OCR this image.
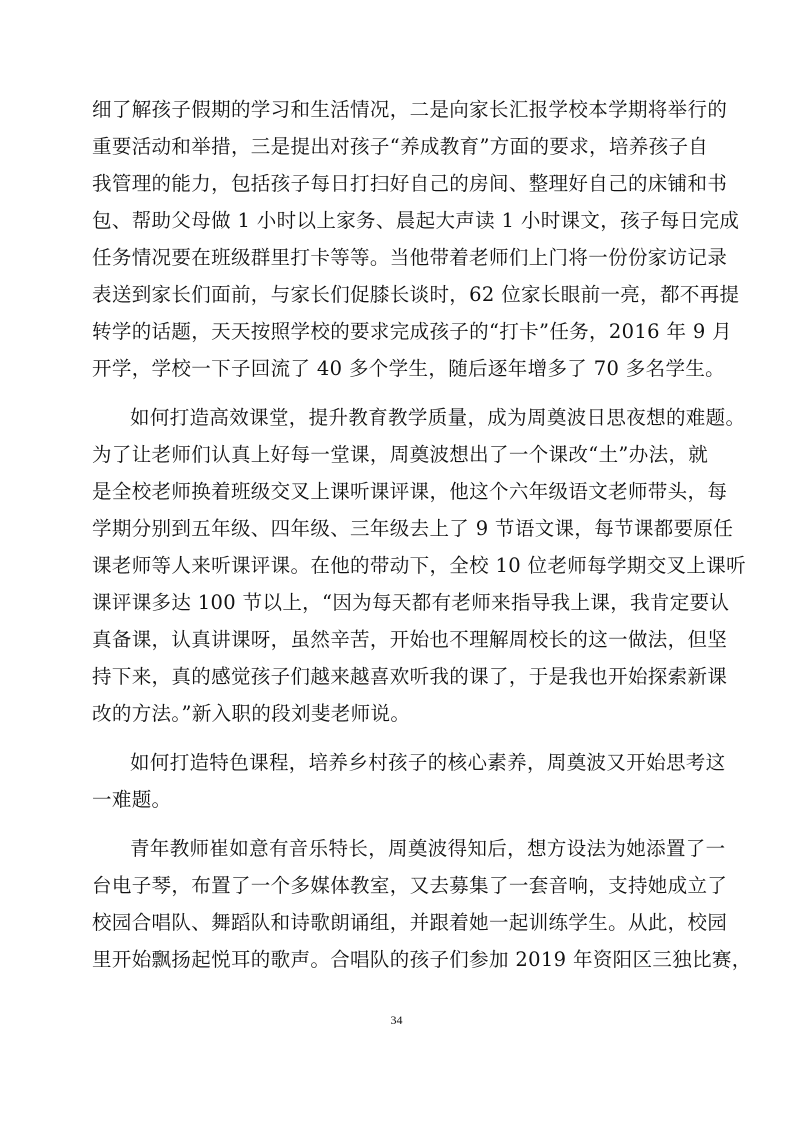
细了解孩子假期的学习和生活情况，二是向家长汇报学校本学期将举行的
重要活动和举措，三是提出对孩子“养成教育”方面的要求，培养孩子自
我管理的能力，包括孩子每日打扫好自己的房间、整理好自己的床铺和书
包、帮助父母做 1 小时以上家务、晨起大声读 1 小时课文，孩子每日完成
任务情况要在班级群里打卡等等。当他带着老师们上门将一份份家访记录
表送到家长们面前，与家长们促膝长谈时，62 位家长眼前一亮，都不再提
转学的话题，天天按照学校的要求完成孩子的“打卡”任务，2016 年 9 月
开学，学校一下子回流了 40 多个学生，随后逐年增多了 70 多名学生。
如何打造高效课堂，提升教育教学质量，成为周奠波日思夜想的难题。
为了让老师们认真上好每一堂课，周奠波想出了一个课改“土”办法，就
是全校老师换着班级交叉上课听课评课，他这个六年级语文老师带头，每
学期分别到五年级、四年级、三年级去上了 9 节语文课，每节课都要原任
课老师等人来听课评课。在他的带动下，全校 10 位老师每学期交叉上课听
课评课多达 100 节以上，“因为每天都有老师来指导我上课，我肯定要认
真备课，认真讲课呀，虽然辛苦，开始也不理解周校长的这一做法，但坚
持下来，真的感觉孩子们越来越喜欢听我的课了，于是我也开始探索新课
改的方法。”新入职的段刘斐老师说。
如何打造特色课程，培养乡村孩子的核心素养，周奠波又开始思考这
一难题。
青年教师崔如意有音乐特长，周奠波得知后，想方设法为她添置了一
台电子琴，布置了一个多媒体教室，又去募集了一套音响，支持她成立了
校园合唱队、舞蹈队和诗歌朗诵组，并跟着她一起训练学生。从此，校园
里开始飘扬起悦耳的歌声。合唱队的孩子们参加 2019 年资阳区三独比赛，
34
